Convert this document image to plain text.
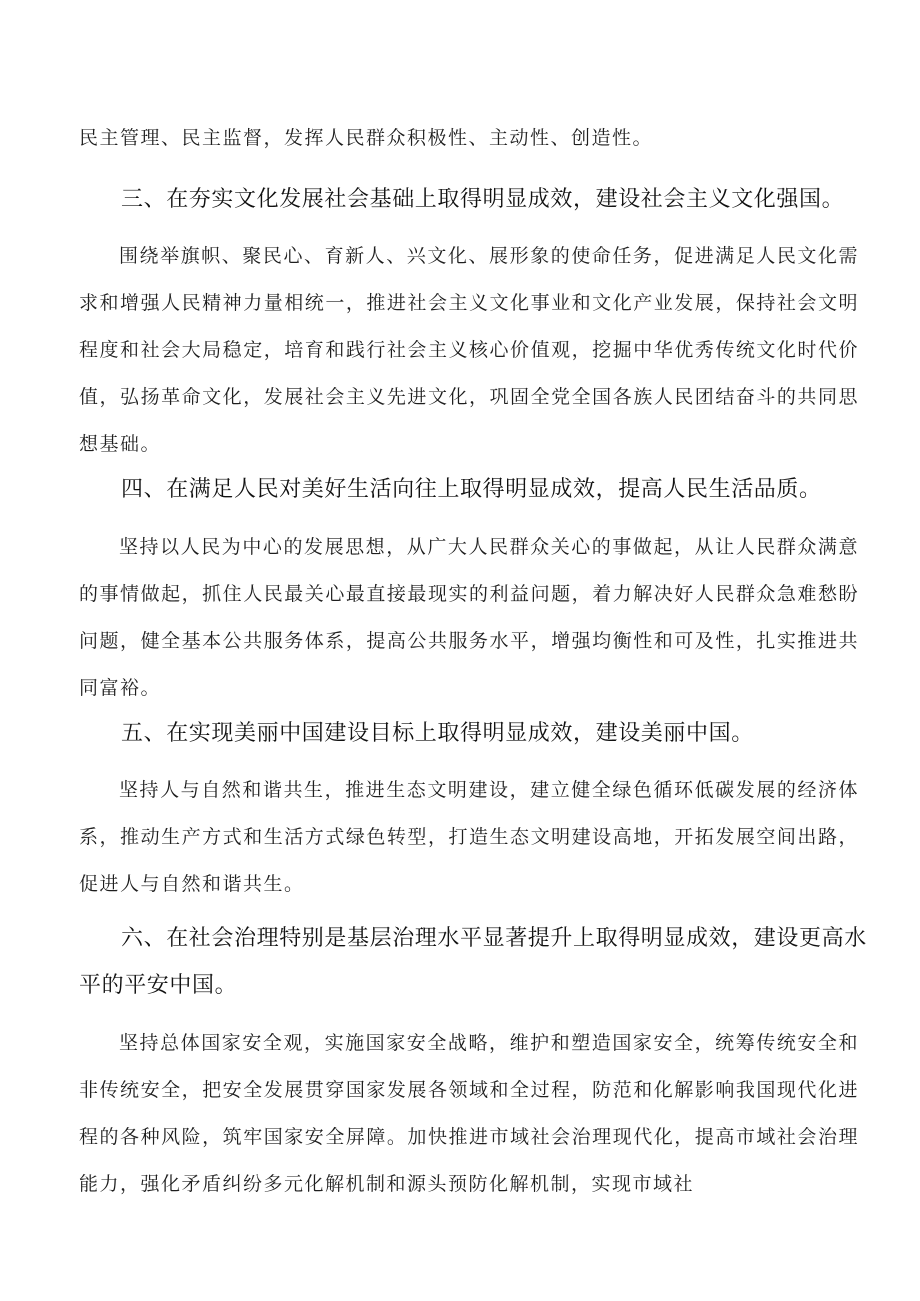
民主管理、民主监督，发挥人民群众积极性、主动性、创造性。

三、在夯实文化发展社会基础上取得明显成效，建设社会主义文化强国。

围绕举旗帜、聚民心、育新人、兴文化、展形象的使命任务，促进满足人民文化需求和增强人民精神力量相统一，推进社会主义文化事业和文化产业发展，保持社会文明程度和社会大局稳定，培育和践行社会主义核心价值观，挖掘中华优秀传统文化时代价值，弘扬革命文化，发展社会主义先进文化，巩固全党全国各族人民团结奋斗的共同思想基础。

四、在满足人民对美好生活向往上取得明显成效，提高人民生活品质。

坚持以人民为中心的发展思想，从广大人民群众关心的事做起，从让人民群众满意的事情做起，抓住人民最关心最直接最现实的利益问题，着力解决好人民群众急难愁盼问题，健全基本公共服务体系，提高公共服务水平，增强均衡性和可及性，扎实推进共同富裕。

五、在实现美丽中国建设目标上取得明显成效，建设美丽中国。

坚持人与自然和谐共生，推进生态文明建设，建立健全绿色循环低碳发展的经济体系，推动生产方式和生活方式绿色转型，打造生态文明建设高地，开拓发展空间出路，促进人与自然和谐共生。

六、在社会治理特别是基层治理水平显著提升上取得明显成效，建设更高水平的平安中国。

坚持总体国家安全观，实施国家安全战略，维护和塑造国家安全，统筹传统安全和非传统安全，把安全发展贯穿国家发展各领域和全过程，防范和化解影响我国现代化进程的各种风险，筑牢国家安全屏障。加快推进市域社会治理现代化，提高市域社会治理能力，强化矛盾纠纷多元化解机制和源头预防化解机制，实现市域社
